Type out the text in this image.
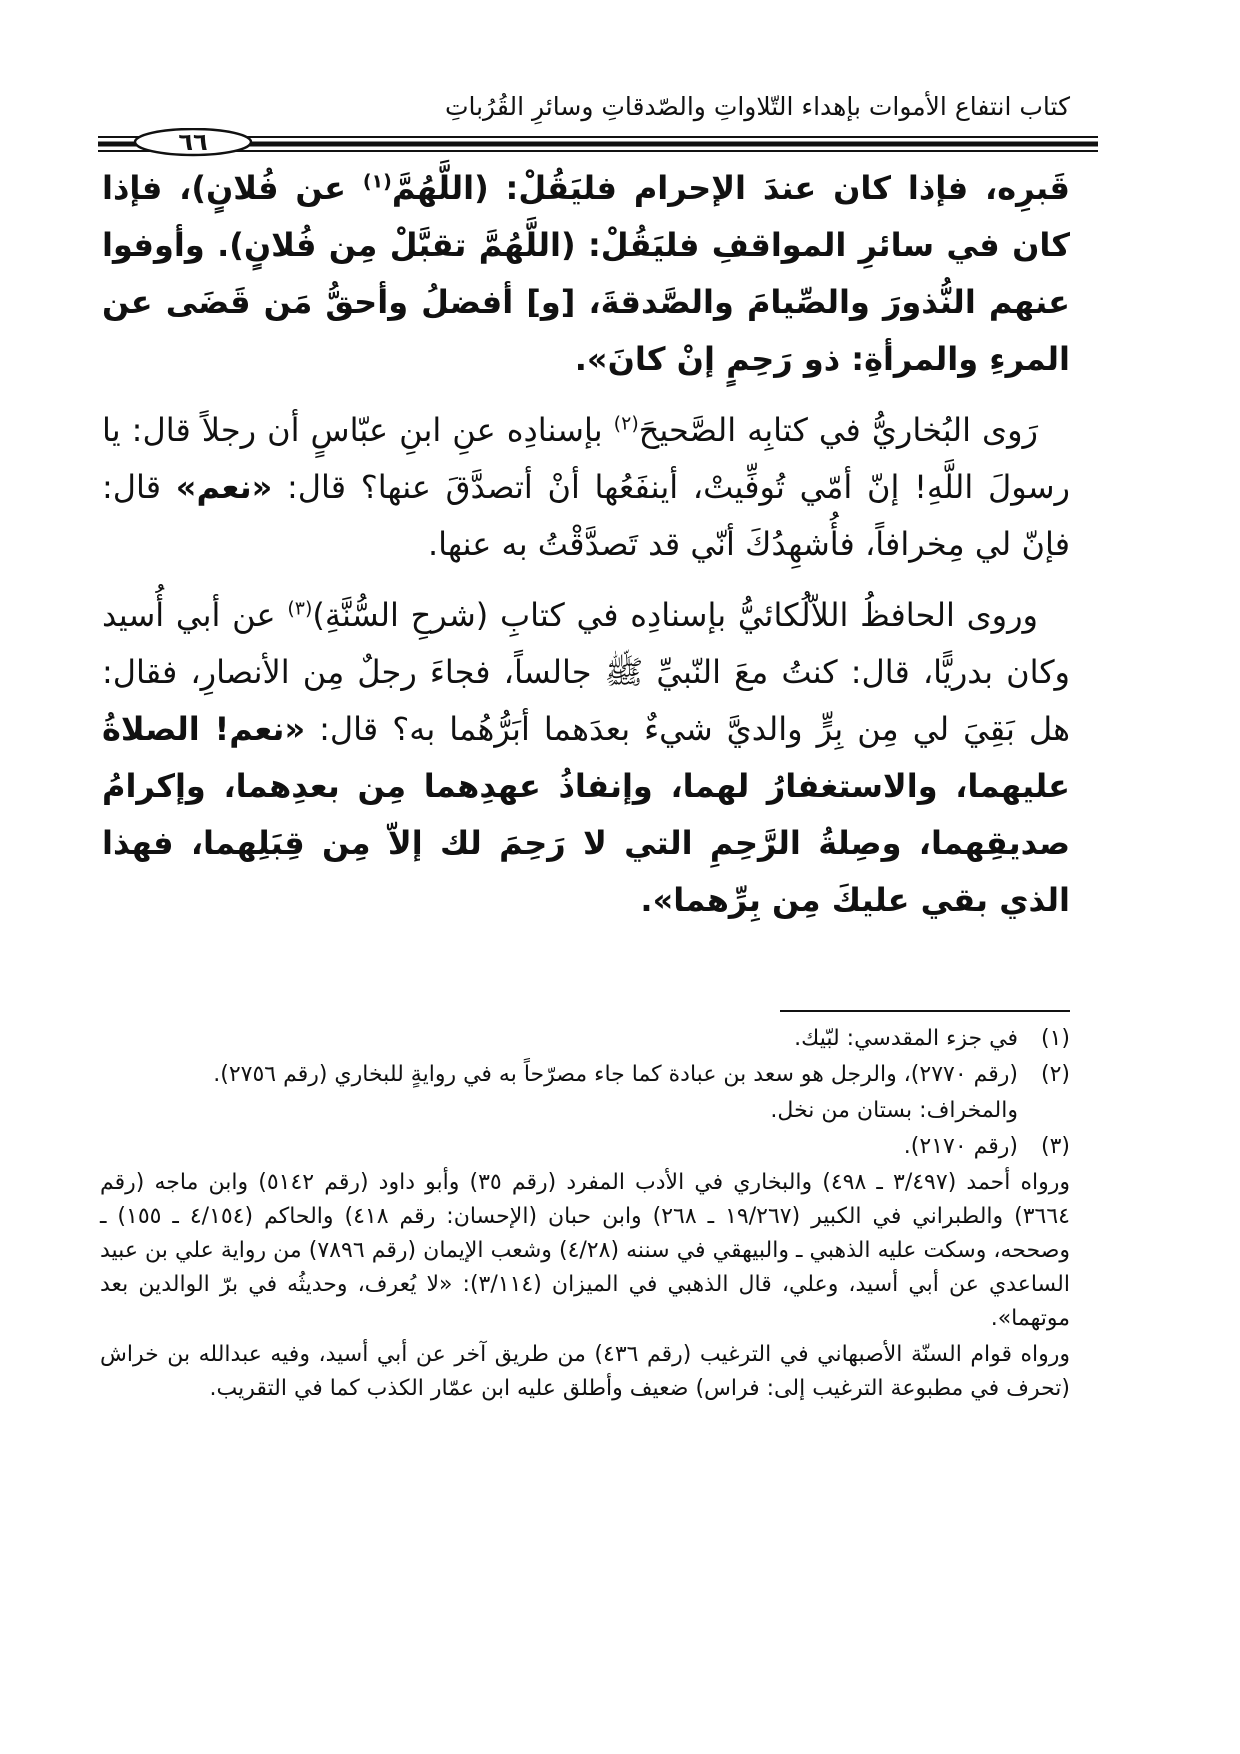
كتاب انتفاع الأموات بإهداء التّلاواتِ والصّدقاتِ وسائرِ القُرُباتِ
٦٦

قَبرِه، فإذا كان عندَ الإحرام فليَقُلْ: (اللَّهُمَّ$^{(١)}$ عن فُلانٍ)، فإذا كان في سائرِ المواقفِ فليَقُلْ: (اللَّهُمَّ تقبَّلْ مِن فُلانٍ). وأوفوا عنهم النُّذورَ والصِّيامَ والصَّدقةَ، [و] أفضلُ وأحقُّ مَن قَضَى عن المرءِ والمرأةِ: ذو رَحِمٍ إنْ كانَ».

رَوى البُخاريُّ في كتابِه الصَّحيحَ$^{(٢)}$ بإسنادِه عنِ ابنِ عبّاسٍ أن رجلاً قال: يا رسولَ اللَّهِ! إنّ أمّي تُوفِّيتْ، أينفَعُها أنْ أتصدَّقَ عنها؟ قال: «نعم» قال: فإنّ لي مِخرافاً، فأُشهِدُكَ أنّي قد تَصدَّقْتُ به عنها.

وروى الحافظُ اللاّلُكائيُّ بإسنادِه في كتابِ (شرحِ السُّنَّةِ)$^{(٣)}$ عن أبي أُسيد وكان بدريًّا، قال: كنتُ معَ النّبيِّ ﷺ جالساً، فجاءَ رجلٌ مِن الأنصارِ، فقال: هل بَقِيَ لي مِن بِرٍّ والديَّ شيءٌ بعدَهما أبَرُّهُما به؟ قال: «نعم! الصلاةُ عليهما، والاستغفارُ لهما، وإنفاذُ عهدِهما مِن بعدِهما، وإكرامُ صديقِهما، وصِلةُ الرَّحِمِ التي لا رَحِمَ لك إلاّ مِن قِبَلِهما، فهذا الذي بقي عليكَ مِن بِرِّهما».

(١)
في جزء المقدسي: لبّيك.
(٢)
(رقم ٢٧٧٠)، والرجل هو سعد بن عبادة كما جاء مصرّحاً به في روايةٍ للبخاري (رقم ٢٧٥٦).
والمخراف: بستان من نخل.
(٣)
(رقم ٢١٧٠).
ورواه أحمد (٣/٤٩٧ ـ ٤٩٨) والبخاري في الأدب المفرد (رقم ٣٥) وأبو داود (رقم ٥١٤٢) وابن ماجه (رقم ٣٦٦٤) والطبراني في الكبير (١٩/٢٦٧ ـ ٢٦٨) وابن حبان (الإحسان: رقم ٤١٨) والحاكم (٤/١٥٤ ـ ١٥٥) ـ وصححه، وسكت عليه الذهبي ـ والبيهقي في سننه (٤/٢٨) وشعب الإيمان (رقم ٧٨٩٦) من رواية علي بن عبيد الساعدي عن أبي أسيد، وعلي، قال الذهبي في الميزان (٣/١١٤): «لا يُعرف، وحديثُه في برّ الوالدين بعد موتهما».
ورواه قوام السنّة الأصبهاني في الترغيب (رقم ٤٣٦) من طريق آخر عن أبي أسيد، وفيه عبدالله بن خراش (تحرف في مطبوعة الترغيب إلى: فراس) ضعيف وأطلق عليه ابن عمّار الكذب كما في التقريب.
